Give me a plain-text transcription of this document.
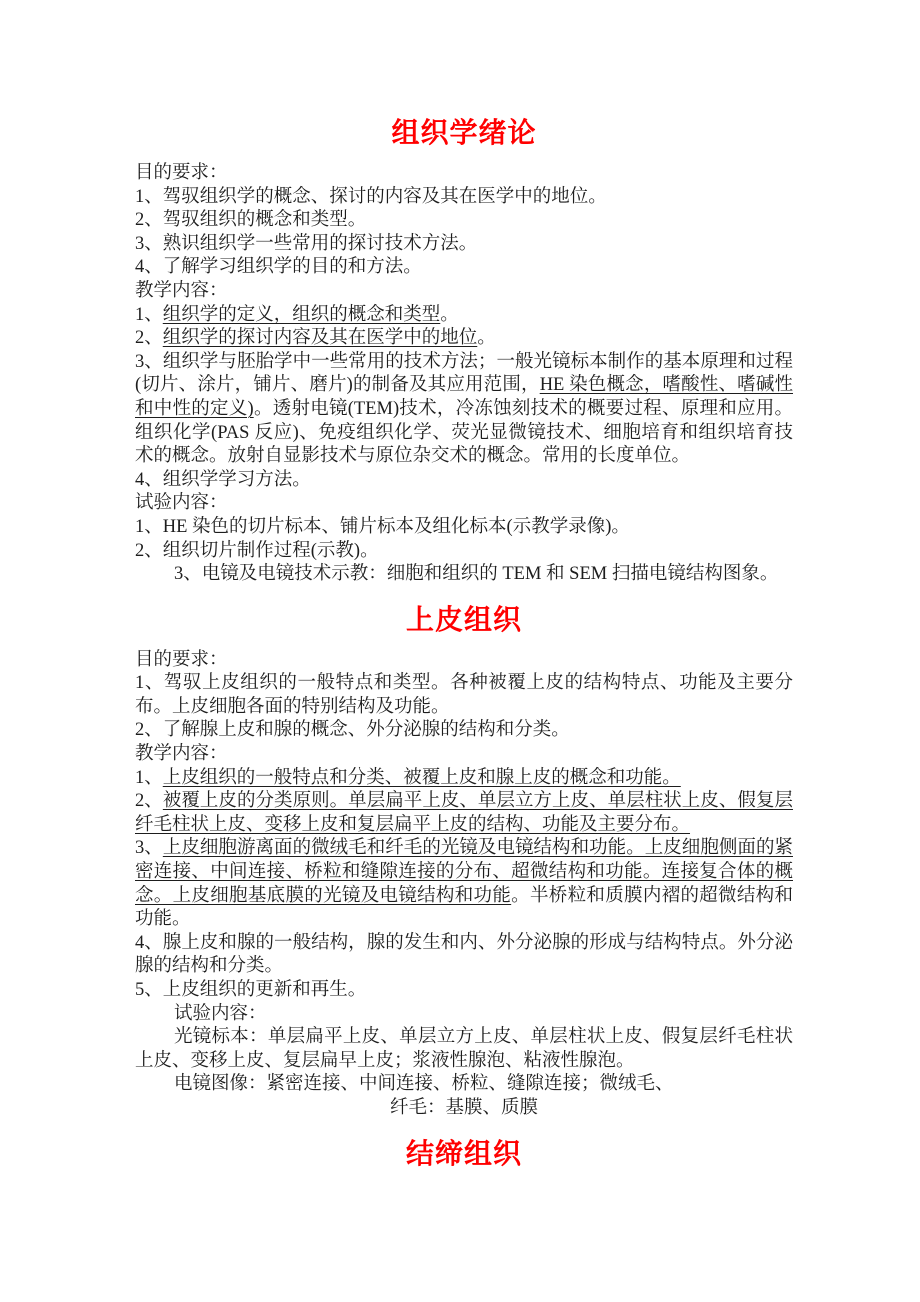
组织学绪论

目的要求：

1、驾驭组织学的概念、探讨的内容及其在医学中的地位。

2、驾驭组织的概念和类型。

3、熟识组织学一些常用的探讨技术方法。

4、了解学习组织学的目的和方法。

教学内容：

1、组织学的定义，组织的概念和类型。

2、组织学的探讨内容及其在医学中的地位。

3、组织学与胚胎学中一些常用的技术方法；一般光镜标本制作的基本原理和过程(切片、涂片，铺片、磨片)的制备及其应用范围，HE 染色概念，嗜酸性、嗜碱性和中性的定义)。透射电镜(TEM)技术，冷冻蚀刻技术的概要过程、原理和应用。组织化学(PAS 反应)、免疫组织化学、荧光显微镜技术、细胞培育和组织培育技术的概念。放射自显影技术与原位杂交术的概念。常用的长度单位。

4、组织学学习方法。

试验内容：

1、HE 染色的切片标本、铺片标本及组化标本(示教学录像)。

2、组织切片制作过程(示教)。

3、电镜及电镜技术示教：细胞和组织的 TEM 和 SEM 扫描电镜结构图象。

上皮组织

目的要求：

1、驾驭上皮组织的一般特点和类型。各种被覆上皮的结构特点、功能及主要分布。上皮细胞各面的特别结构及功能。

2、了解腺上皮和腺的概念、外分泌腺的结构和分类。

教学内容：

1、上皮组织的一般特点和分类、被覆上皮和腺上皮的概念和功能。

2、被覆上皮的分类原则。单层扁平上皮、单层立方上皮、单层柱状上皮、假复层纤毛柱状上皮、变移上皮和复层扁平上皮的结构、功能及主要分布。

3、上皮细胞游离面的微绒毛和纤毛的光镜及电镜结构和功能。上皮细胞侧面的紧密连接、中间连接、桥粒和缝隙连接的分布、超微结构和功能。连接复合体的概念。上皮细胞基底膜的光镜及电镜结构和功能。半桥粒和质膜内褶的超微结构和功能。

4、腺上皮和腺的一般结构，腺的发生和内、外分泌腺的形成与结构特点。外分泌腺的结构和分类。

5、上皮组织的更新和再生。

试验内容：

光镜标本：单层扁平上皮、单层立方上皮、单层柱状上皮、假复层纤毛柱状上皮、变移上皮、复层扁早上皮；浆液性腺泡、粘液性腺泡。

电镜图像：紧密连接、中间连接、桥粒、缝隙连接；微绒毛、

纤毛：基膜、质膜

结缔组织
